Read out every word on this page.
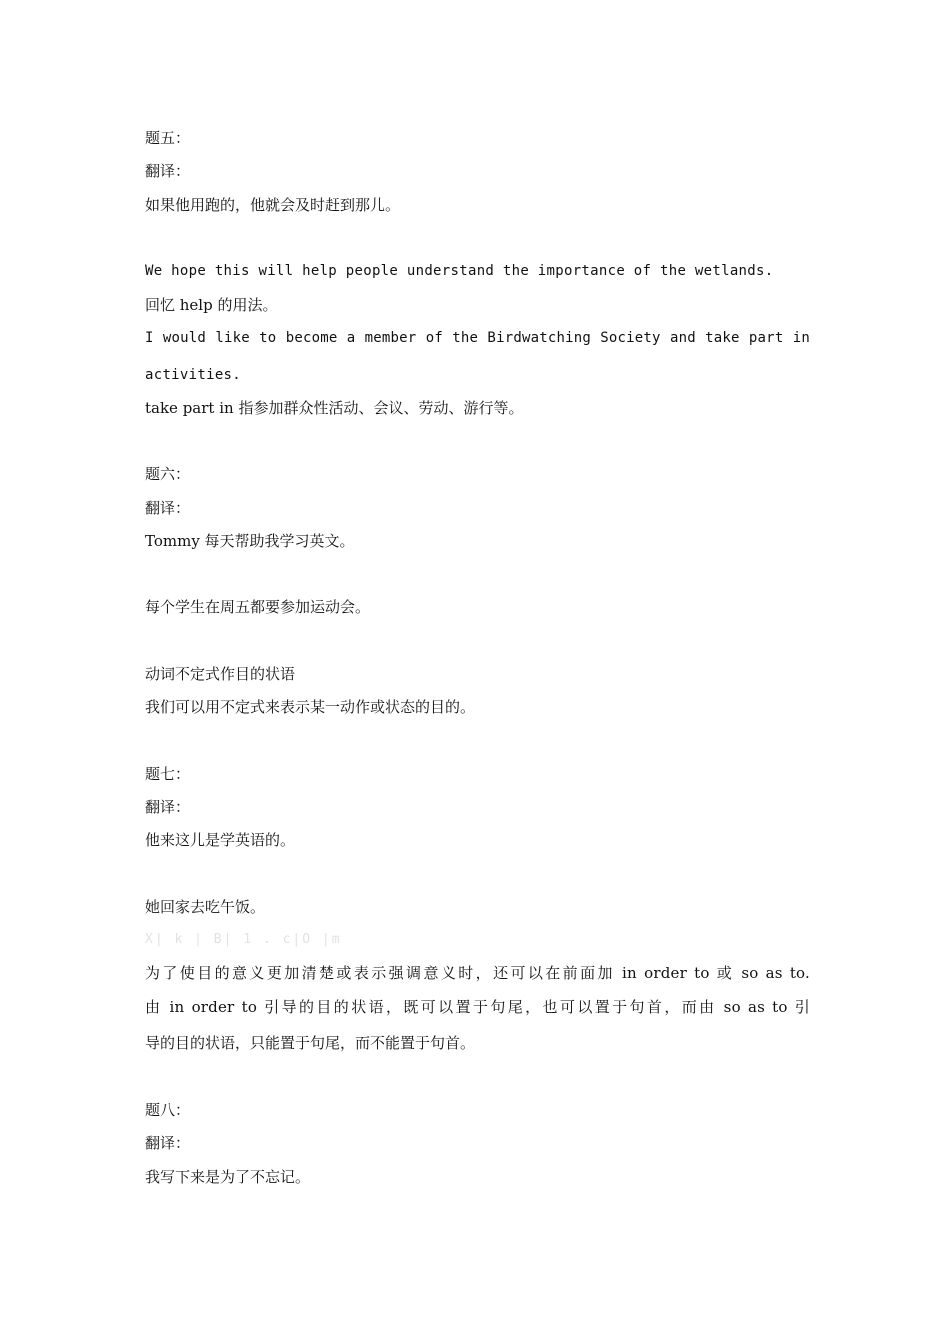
题五：
翻译：
如果他用跑的，他就会及时赶到那儿。
We hope this will help people understand the importance of the wetlands.
回忆 help 的用法。
I would like to become a member of the Birdwatching Society and take part in
activities.
take part in 指参加群众性活动、会议、劳动、游行等。
题六：
翻译：
Tommy 每天帮助我学习英文。
每个学生在周五都要参加运动会。
动词不定式作目的状语
我们可以用不定式来表示某一动作或状态的目的。
题七：
翻译：
他来这儿是学英语的。
她回家去吃午饭。
X| k | B| 1 . c|O |m
为了使目的意义更加清楚或表示强调意义时，还可以在前面加 in order to 或 so as to.
由 in order to 引导的目的状语，既可以置于句尾，也可以置于句首，而由 so as to 引
导的目的状语，只能置于句尾，而不能置于句首。
题八：
翻译：
我写下来是为了不忘记。
